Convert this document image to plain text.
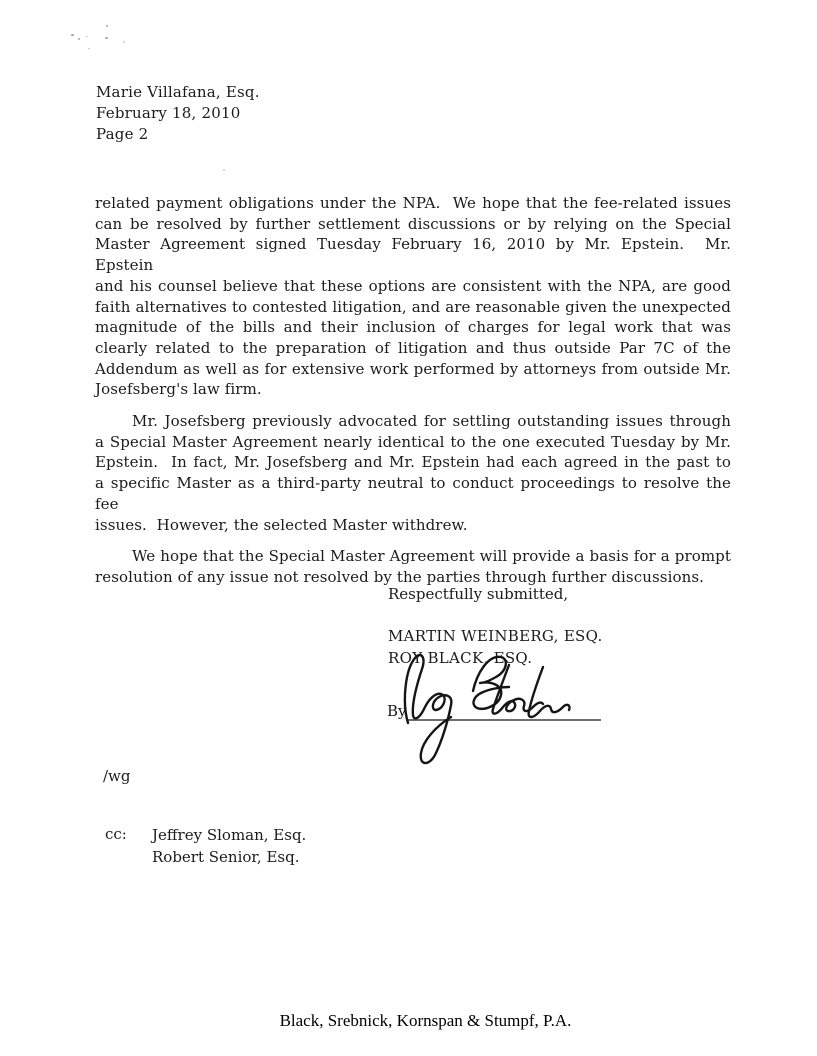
Marie Villafana, Esq.
February 18, 2010
Page 2
related payment obligations under the NPA.  We hope that the fee-related issues
can be resolved by further settlement discussions or by relying on the Special
Master Agreement signed Tuesday February 16, 2010 by Mr. Epstein.  Mr. Epstein
and his counsel believe that these options are consistent with the NPA, are good
faith alternatives to contested litigation, and are reasonable given the unexpected
magnitude of the bills and their inclusion of charges for legal work that was
clearly related to the preparation of litigation and thus outside Par 7C of the
Addendum as well as for extensive work performed by attorneys from outside Mr.
Josefsberg's law firm.
Mr. Josefsberg previously advocated for settling outstanding issues through
a Special Master Agreement nearly identical to the one executed Tuesday by Mr.
Epstein.  In fact, Mr. Josefsberg and Mr. Epstein had each agreed in the past to
a specific Master as a third-party neutral to conduct proceedings to resolve the fee
issues.  However, the selected Master withdrew.
We hope that the Special Master Agreement will provide a basis for a prompt
resolution of any issue not resolved by the parties through further discussions.
Respectfully submitted,
MARTIN WEINBERG, ESQ.
ROY BLACK, ESQ.
By
/wg
cc: Jeffrey Sloman, Esq.
Robert Senior, Esq.
Black, Srebnick, Kornspan & Stumpf, P.A.
